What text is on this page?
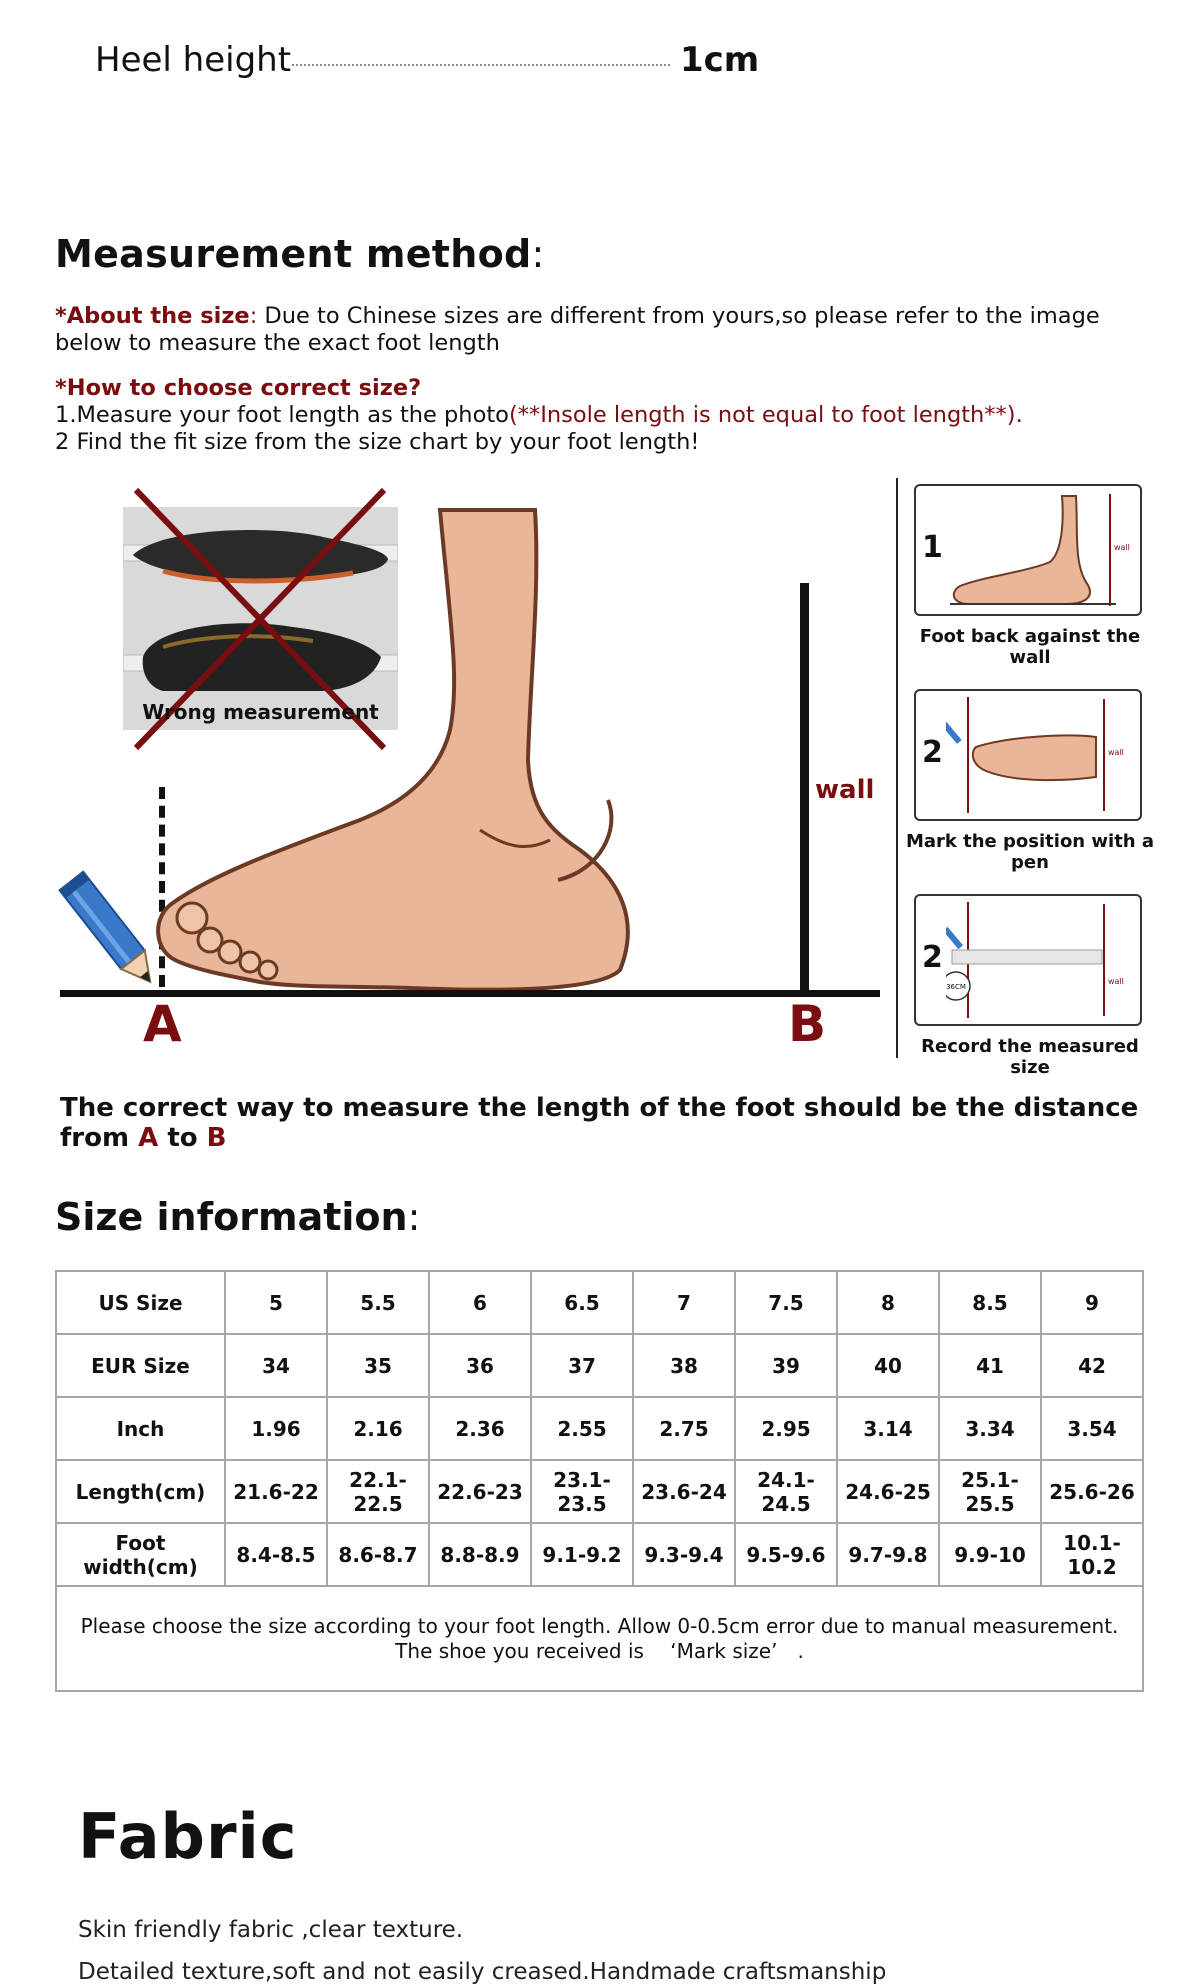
Heel height	1cm
Measurement method:
*About the size: Due to Chinese sizes are different from yours,so please refer to the image below to measure the exact foot length
*How to choose correct size?
1.Measure your foot length as the photo(**Insole length is not equal to foot length**).
2 Find the fit size from the size chart by your foot length!
Wrong measurement
wall
A	B
1	wall
Foot back against the wall
2	wall
Mark the position with a pen
2
36CM
wall
Record the measured size
The correct way to measure the length of the foot should be the distance from A to B
Size information:
US Size	5	5.5	6	6.5	7	7.5	8	8.5	9
EUR Size	34	35	36	37	38	39	40	41	42
Inch	1.96	2.16	2.36	2.55	2.75	2.95	3.14	3.34	3.54
Length(cm)	21.6-22	22.1-22.5	22.6-23	23.1-23.5	23.6-24	24.1-24.5	24.6-25	25.1-25.5	25.6-26
Foot width(cm)	8.4-8.5	8.6-8.7	8.8-8.9	9.1-9.2	9.3-9.4	9.5-9.6	9.7-9.8	9.9-10	10.1-10.2

Please choose the size according to your foot length. Allow 0-0.5cm error due to manual measurement.
The shoe you received is 　‘Mark size’　.									
Fabric
Skin friendly fabric ,clear texture.
Detailed texture,soft and not easily creased.Handmade craftsmanship
